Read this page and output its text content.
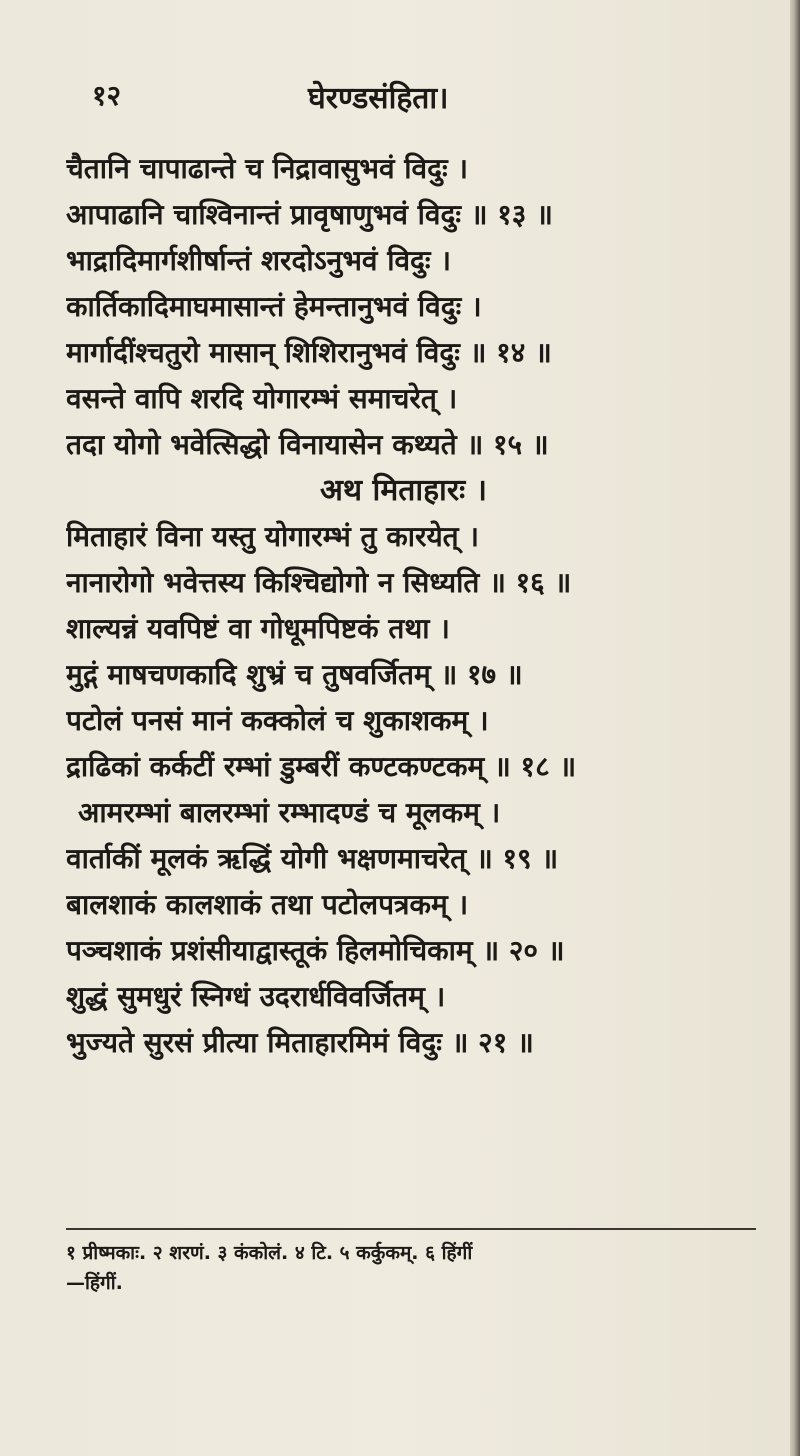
१२	घेरण्डसंहिता।
चैतानि चापाढान्ते च निद्रावासुभवं विदुः ।
आपाढानि चाश्विनान्तं प्रावृषाणुभवं विदुः ॥ १३ ॥
भाद्रादिमार्गशीर्षान्तं शरदोऽनुभवं विदुः ।
कार्तिकादिमाघमासान्तं हेमन्तानुभवं विदुः ।
मार्गादींश्चतुरो मासान् शिशिरानुभवं विदुः ॥ १४ ॥
वसन्ते वापि शरदि योगारम्भं समाचरेत् ।
तदा योगो भवेत्सिद्धो विनायासेन कथ्यते ॥ १५ ॥
अथ मिताहारः ।
मिताहारं विना यस्तु योगारम्भं तु कारयेत् ।
नानारोगो भवेत्तस्य किश्चिद्योगो न सिध्यति ॥ १६ ॥
शाल्यन्नं यवपिष्टं वा गोधूमपिष्टकं तथा ।
मुद्गं माषचणकादि शुभ्रं च तुषवर्जितम् ॥ १७ ॥
पटोलं पनसं मानं कक्कोलं च शुकाशकम् ।
द्राढिकां कर्कटीं रम्भां डुम्बरीं कण्टकण्टकम् ॥ १८ ॥
आमरम्भां बालरम्भां रम्भादण्डं च मूलकम् ।
वार्ताकीं मूलकं ऋद्धिं योगी भक्षणमाचरेत् ॥ १९ ॥
बालशाकं कालशाकं तथा पटोलपत्रकम् ।
पञ्चशाकं प्रशंसीयाद्वास्तूकं हिलमोचिकाम् ॥ २० ॥
शुद्धं सुमधुरं स्निग्धं उदरार्धविवर्जितम् ।
भुज्यते सुरसं प्रीत्या मिताहारमिमं विदुः ॥ २१ ॥
१ प्रीष्मकाः. २ शरणं. ३ कंकोलं. ४ टि. ५ कर्कुकम्. ६ हिंगीं
—हिंगीं.
